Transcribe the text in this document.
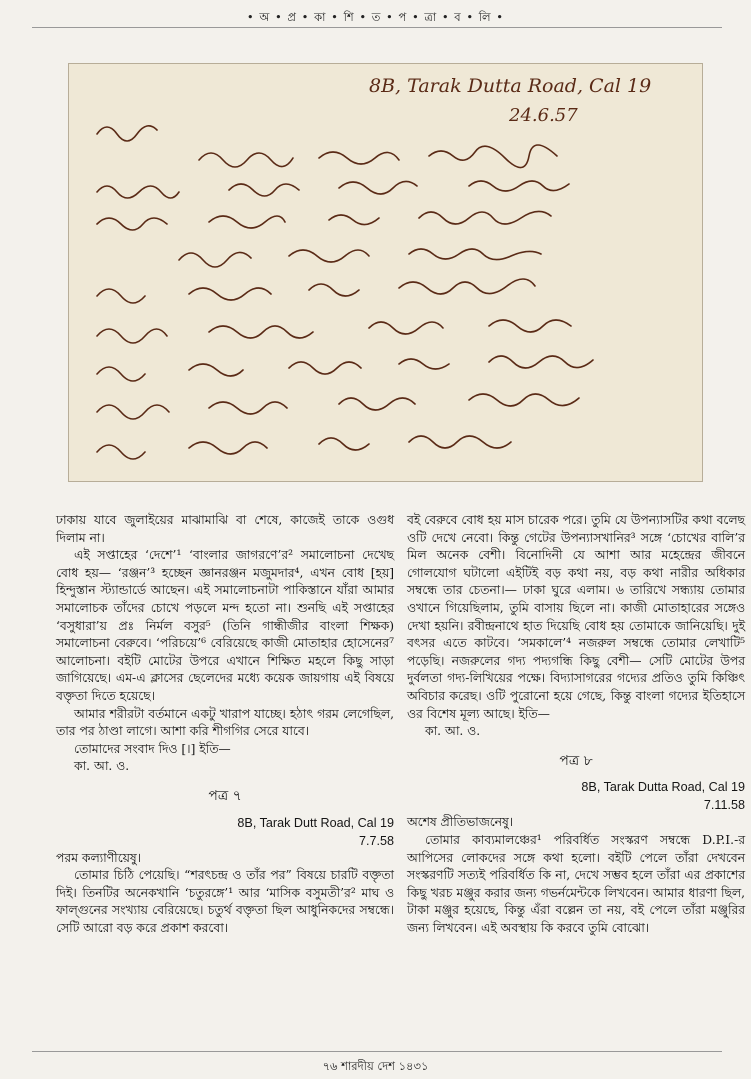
• অ • প্র • কা • শি • ত • প • ত্রা • ব • লি •
8B, Tarak Dutta Road, Cal 19
24.6.57

ঢাকায় যাবে জুলাইয়ের মাঝামাঝি বা শেষে, কাজেই তাকে ওগুধ দিলাম না।

এই সপ্তাহের ‘দেশে’¹ ‘বাংলার জাগরণে’র² সমালোচনা দেখেছ বোধ হয়— ‘রঞ্জন’³ হচ্ছেন জ্ঞানরঞ্জন মজুমদার⁴, এখন বোধ [হয়] হিন্দুস্তান স্ট্যান্ডার্ডে আছেন। এই সমালোচনাটা পাকিস্তানে যাঁরা আমার সমালোচক তাঁদের চোখে পড়লে মন্দ হতো না। শুনছি এই সপ্তাহের ‘বসুধারা’য় প্রঃ নির্মল বসুর⁵ (তিনি গান্ধীজীর বাংলা শিক্ষক) সমালোচনা বেরুবে। ‘পরিচয়ে’⁶ বেরিয়েছে কাজী মোতাহার হোসেনের⁷ আলোচনা। বইটি মোটের উপরে এখানে শিক্ষিত মহলে কিছু সাড়া জাগিয়েছে। এম-এ ক্লাসের ছেলেদের মধ্যে কয়েক জায়গায় এই বিষয়ে বক্তৃতা দিতে হয়েছে।

আমার শরীরটা বর্তমানে একটু খারাপ যাচ্ছে। হঠাৎ গরম লেগেছিল, তার পর ঠাণ্ডা লাগে। আশা করি শীগগির সেরে যাবে।

তোমাদের সংবাদ দিও [।] ইতি—

কা. আ. ও.

পত্র ৭
8B, Tarak Dutt Road, Cal 19
7.7.58

পরম কল্যাণীয়েষু।

তোমার চিঠি পেয়েছি। “শরৎচন্দ্র ও তাঁর পর” বিষয়ে চারটি বক্তৃতা দিই। তিনটির অনেকখানি ‘চতুরঙ্গে’¹ আর ‘মাসিক বসুমতী’র² মাঘ ও ফাল্গুনের সংখ্যায় বেরিয়েছে। চতুর্থ বক্তৃতা ছিল আধুনিকদের সম্বন্ধে। সেটি আরো বড় করে প্রকাশ করবো।

বই বেরুবে বোধ হয় মাস চারেক পরে। তুমি যে উপন্যাসটির কথা বলেছ ওটি দেখে নেবো। কিন্তু গেটের উপন্যাসখানির³ সঙ্গে ‘চোখের বালি’র মিল অনেক বেশী। বিনোদিনী যে আশা আর মহেন্দ্রের জীবনে গোলযোগ ঘটালো এইটিই বড় কথা নয়, বড় কথা নারীর অধিকার সম্বন্ধে তার চেতনা।— ঢাকা ঘুরে এলাম। ৬ তারিখে সন্ধ্যায় তোমার ওখানে গিয়েছিলাম, তুমি বাসায় ছিলে না। কাজী মোতাহারের সঙ্গেও দেখা হয়নি। রবীন্দ্রনাথে হাত দিয়েছি বোধ হয় তোমাকে জানিয়েছি। দুই বৎসর এতে কাটবে। ‘সমকালে’⁴ নজরুল সম্বন্ধে তোমার লেখাটি⁵ পড়েছি। নজরুলের গদ্য পদ্যগন্ধি কিছু বেশী— সেটি মোটের উপর দুর্বলতা গদ্য-লিখিয়ের পক্ষে। বিদ্যাসাগরের গদ্যের প্রতিও তুমি কিঞ্চিৎ অবিচার করেছ। ওটি পুরোনো হয়ে গেছে, কিন্তু বাংলা গদ্যের ইতিহাসে ওর বিশেষ মূল্য আছে। ইতি—

কা. আ. ও.

পত্র ৮
8B, Tarak Dutta Road, Cal 19
7.11.58

অশেষ প্রীতিভাজনেষু।

তোমার কাব্যমালঞ্চের¹ পরিবর্ধিত সংস্করণ সম্বন্ধে D.P.I.-র আপিসের লোকদের সঙ্গে কথা হলো। বইটি পেলে তাঁরা দেখবেন সংস্করণটি সত্যই পরিবর্ধিত কি না, দেখে সম্ভব হলে তাঁরা এর প্রকাশের কিছু খরচ মঞ্জুর করার জন্য গভর্নমেন্টকে লিখবেন। আমার ধারণা ছিল, টাকা মঞ্জুর হয়েছে, কিন্তু এঁরা বল্লেন তা নয়, বই পেলে তাঁরা মঞ্জুরির জন্য লিখবেন। এই অবস্থায় কি করবে তুমি বোঝো।

৭৬ শারদীয় দেশ ১৪৩১
